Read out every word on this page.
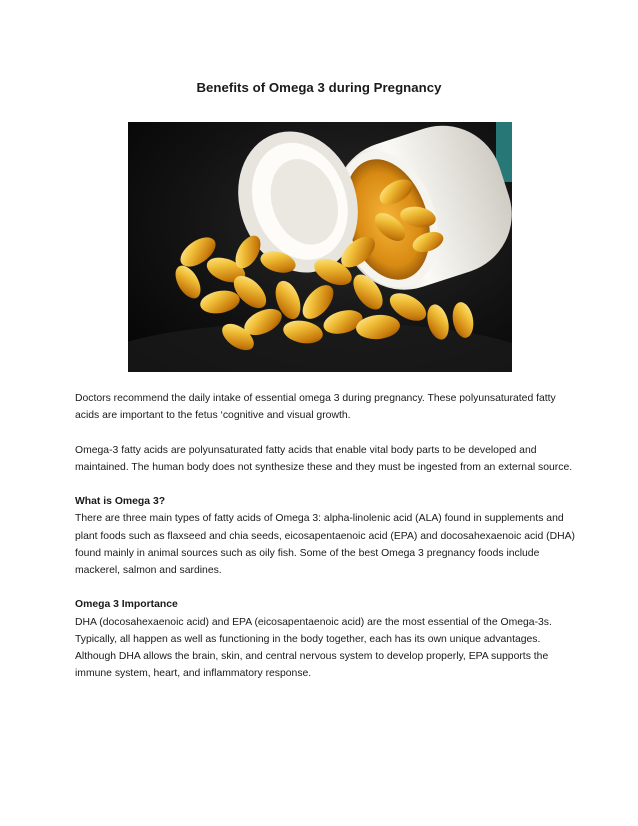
Benefits of Omega 3 during Pregnancy

Doctors recommend the daily intake of essential omega 3 during pregnancy. These polyunsaturated fatty acids are important to the fetus ‘cognitive and visual growth.

Omega-3 fatty acids are polyunsaturated fatty acids that enable vital body parts to be developed and maintained. The human body does not synthesize these and they must be ingested from an external source.

What is Omega 3?
There are three main types of fatty acids of Omega 3: alpha-linolenic acid (ALA) found in supplements and plant foods such as flaxseed and chia seeds, eicosapentaenoic acid (EPA) and docosahexaenoic acid (DHA) found mainly in animal sources such as oily fish. Some of the best Omega 3 pregnancy foods include mackerel, salmon and sardines.

Omega 3 Importance
DHA (docosahexaenoic acid) and EPA (eicosapentaenoic acid) are the most essential of the Omega-3s. Typically, all happen as well as functioning in the body together, each has its own unique advantages. Although DHA allows the brain, skin, and central nervous system to develop properly, EPA supports the immune system, heart, and inflammatory response.
